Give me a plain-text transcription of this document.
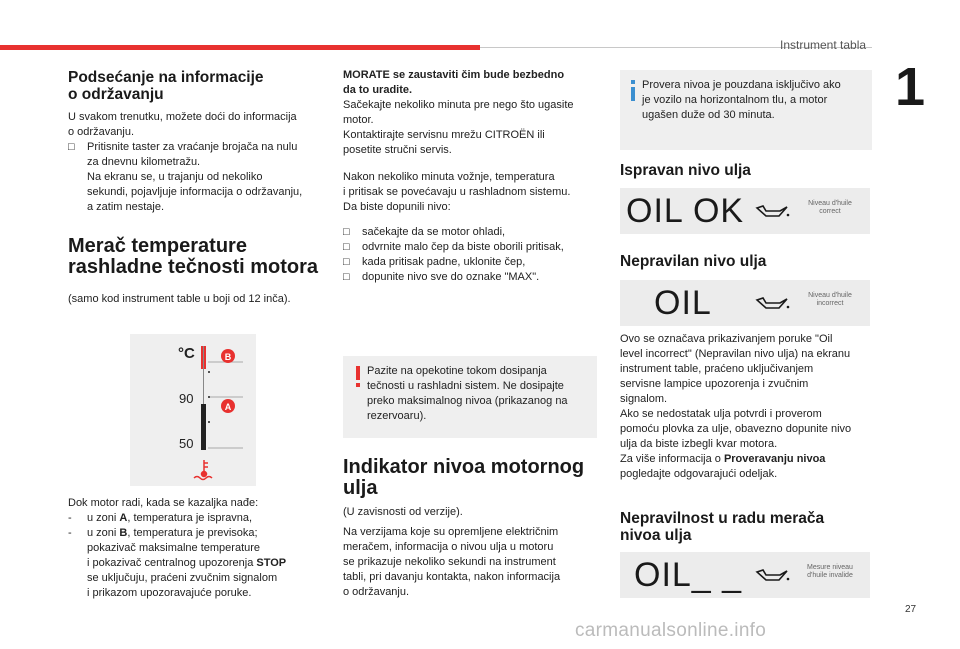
Instrument tabla
1
Podsećanje na informacije
o održavanju
U svakom trenutku, možete doći do informacija
o održavanju.
□ Pritisnite taster za vraćanje brojača na nulu
za dnevnu kilometražu.
Na ekranu se, u trajanju od nekoliko
sekundi, pojavljuje informacija o održavanju,
a zatim nestaje.
Merač temperature
rashladne tečnosti motora
(samo kod instrument table u boji od 12 inča).
°C
90
50
B
A
Dok motor radi, kada se kazaljka nađe:
- u zoni A, temperatura je ispravna,
- u zoni B, temperatura je previsoka;
pokazivač maksimalne temperature
i pokazivač centralnog upozorenja STOP
se uključuju, praćeni zvučnim signalom
i prikazom upozoravajuće poruke.
MORATE se zaustaviti čim bude bezbedno
da to uradite.
Sačekajte nekoliko minuta pre nego što ugasite
motor.
Kontaktirajte servisnu mrežu CITROËN ili
posetite stručni servis.
Nakon nekoliko minuta vožnje, temperatura
i pritisak se povećavaju u rashladnom sistemu.
Da biste dopunili nivo:
□ sačekajte da se motor ohladi,
□ odvrnite malo čep da biste oborili pritisak,
□ kada pritisak padne, uklonite čep,
□ dopunite nivo sve do oznake "MAX".
Pazite na opekotine tokom dosipanja
tečnosti u rashladni sistem. Ne dosipajte
preko maksimalnog nivoa (prikazanog na
rezervoaru).
Indikator nivoa motornog
ulja
(U zavisnosti od verzije).
Na verzijama koje su opremljene električnim
meračem, informacija o nivou ulja u motoru
se prikazuje nekoliko sekundi na instrument
tabli, pri davanju kontakta, nakon informacija
o održavanju.
Provera nivoa je pouzdana isključivo ako
je vozilo na horizontalnom tlu, a motor
ugašen duže od 30 minuta.
Ispravan nivo ulja
OIL OK	Niveau d'huile
correct
Nepravilan nivo ulja
OIL	Niveau d'huile
incorrect
Ovo se označava prikazivanjem poruke "Oil
level incorrect" (Nepravilan nivo ulja) na ekranu
instrument table, praćeno uključivanjem
servisne lampice upozorenja i zvučnim
signalom.
Ako se nedostatak ulja potvrdi i proverom
pomoću plovka za ulje, obavezno dopunite nivo
ulja da biste izbegli kvar motora.
Za više informacija o Proveravanju nivoa
pogledajte odgovarajući odeljak.
Nepravilnost u radu merača
nivoa ulja
OIL_ _	Mesure niveau
d'huile invalide
27
carmanualsonline.info
